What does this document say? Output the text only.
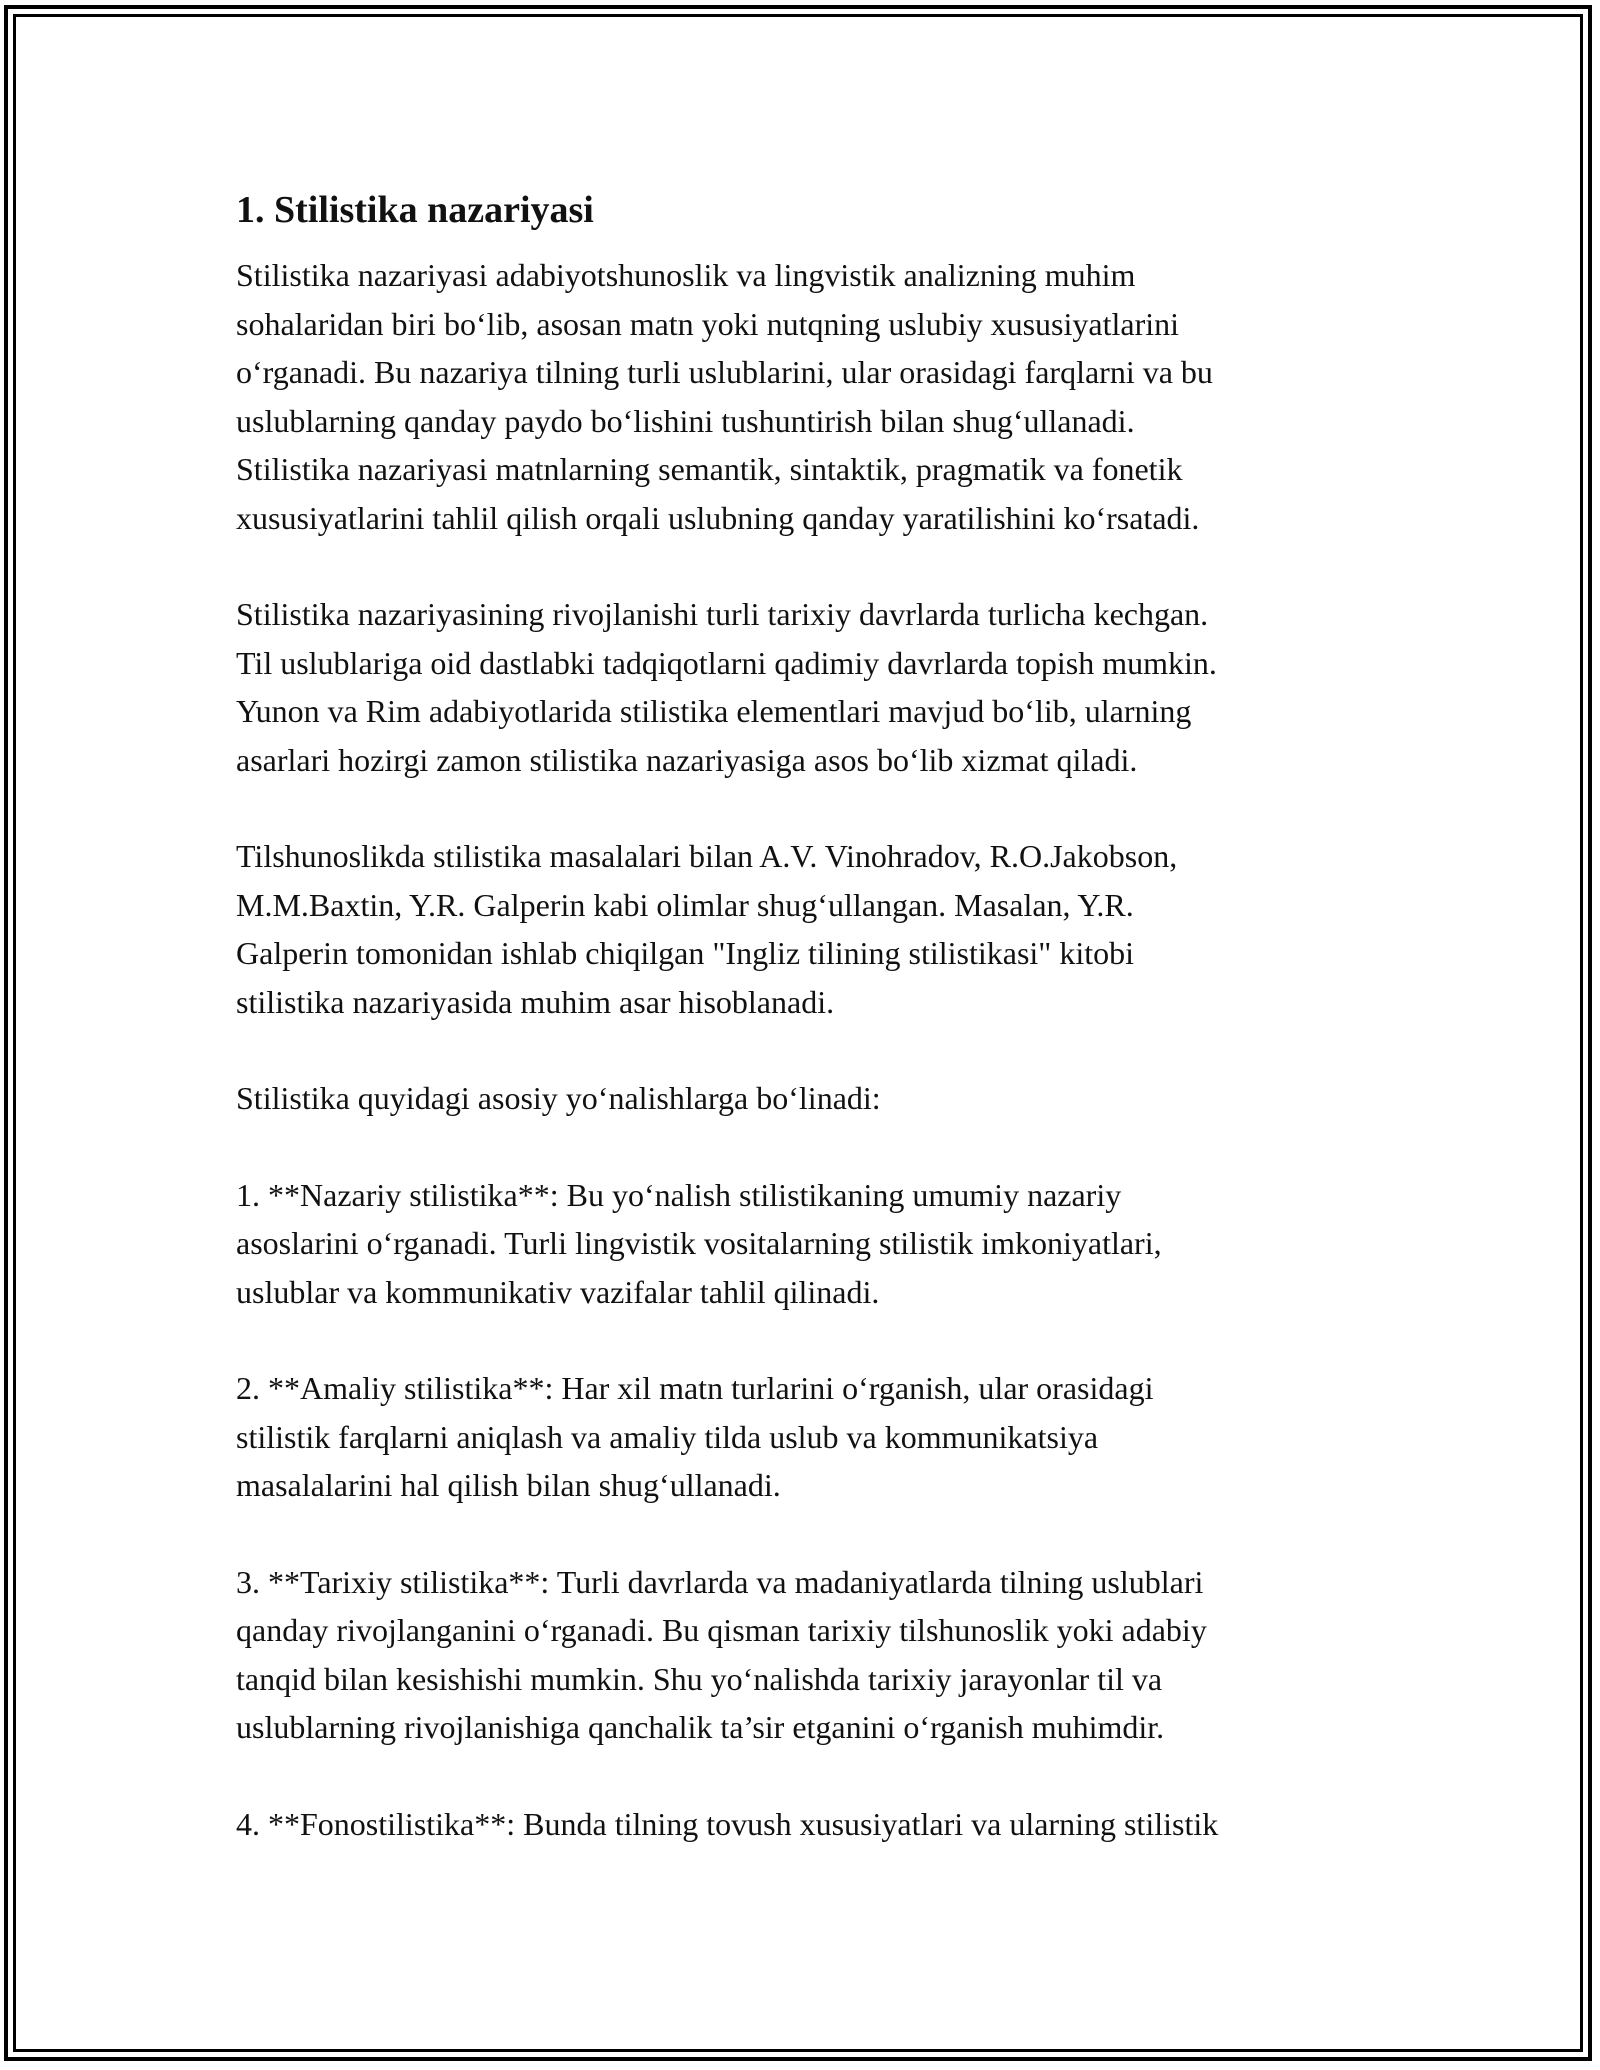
1. Stilistika nazariyasi
Stilistika nazariyasi adabiyotshunoslik va lingvistik analizning muhim
sohalaridan biri bo‘lib, asosan matn yoki nutqning uslubiy xususiyatlarini
o‘rganadi. Bu nazariya tilning turli uslublarini, ular orasidagi farqlarni va bu
uslublarning qanday paydo bo‘lishini tushuntirish bilan shug‘ullanadi.
Stilistika nazariyasi matnlarning semantik, sintaktik, pragmatik va fonetik
xususiyatlarini tahlil qilish orqali uslubning qanday yaratilishini ko‘rsatadi.
Stilistika nazariyasining rivojlanishi turli tarixiy davrlarda turlicha kechgan.
Til uslublariga oid dastlabki tadqiqotlarni qadimiy davrlarda topish mumkin.
Yunon va Rim adabiyotlarida stilistika elementlari mavjud bo‘lib, ularning
asarlari hozirgi zamon stilistika nazariyasiga asos bo‘lib xizmat qiladi.
Tilshunoslikda stilistika masalalari bilan A.V. Vinohradov, R.O.Jakobson,
M.M.Baxtin, Y.R. Galperin kabi olimlar shug‘ullangan. Masalan, Y.R.
Galperin tomonidan ishlab chiqilgan "Ingliz tilining stilistikasi" kitobi
stilistika nazariyasida muhim asar hisoblanadi.
Stilistika quyidagi asosiy yo‘nalishlarga bo‘linadi:
1. **Nazariy stilistika**: Bu yo‘nalish stilistikaning umumiy nazariy
asoslarini o‘rganadi. Turli lingvistik vositalarning stilistik imkoniyatlari,
uslublar va kommunikativ vazifalar tahlil qilinadi.
2. **Amaliy stilistika**: Har xil matn turlarini o‘rganish, ular orasidagi
stilistik farqlarni aniqlash va amaliy tilda uslub va kommunikatsiya
masalalarini hal qilish bilan shug‘ullanadi.
3. **Tarixiy stilistika**: Turli davrlarda va madaniyatlarda tilning uslublari
qanday rivojlanganini o‘rganadi. Bu qisman tarixiy tilshunoslik yoki adabiy
tanqid bilan kesishishi mumkin. Shu yo‘nalishda tarixiy jarayonlar til va
uslublarning rivojlanishiga qanchalik ta’sir etganini o‘rganish muhimdir.
4. **Fonostilistika**: Bunda tilning tovush xususiyatlari va ularning stilistik
